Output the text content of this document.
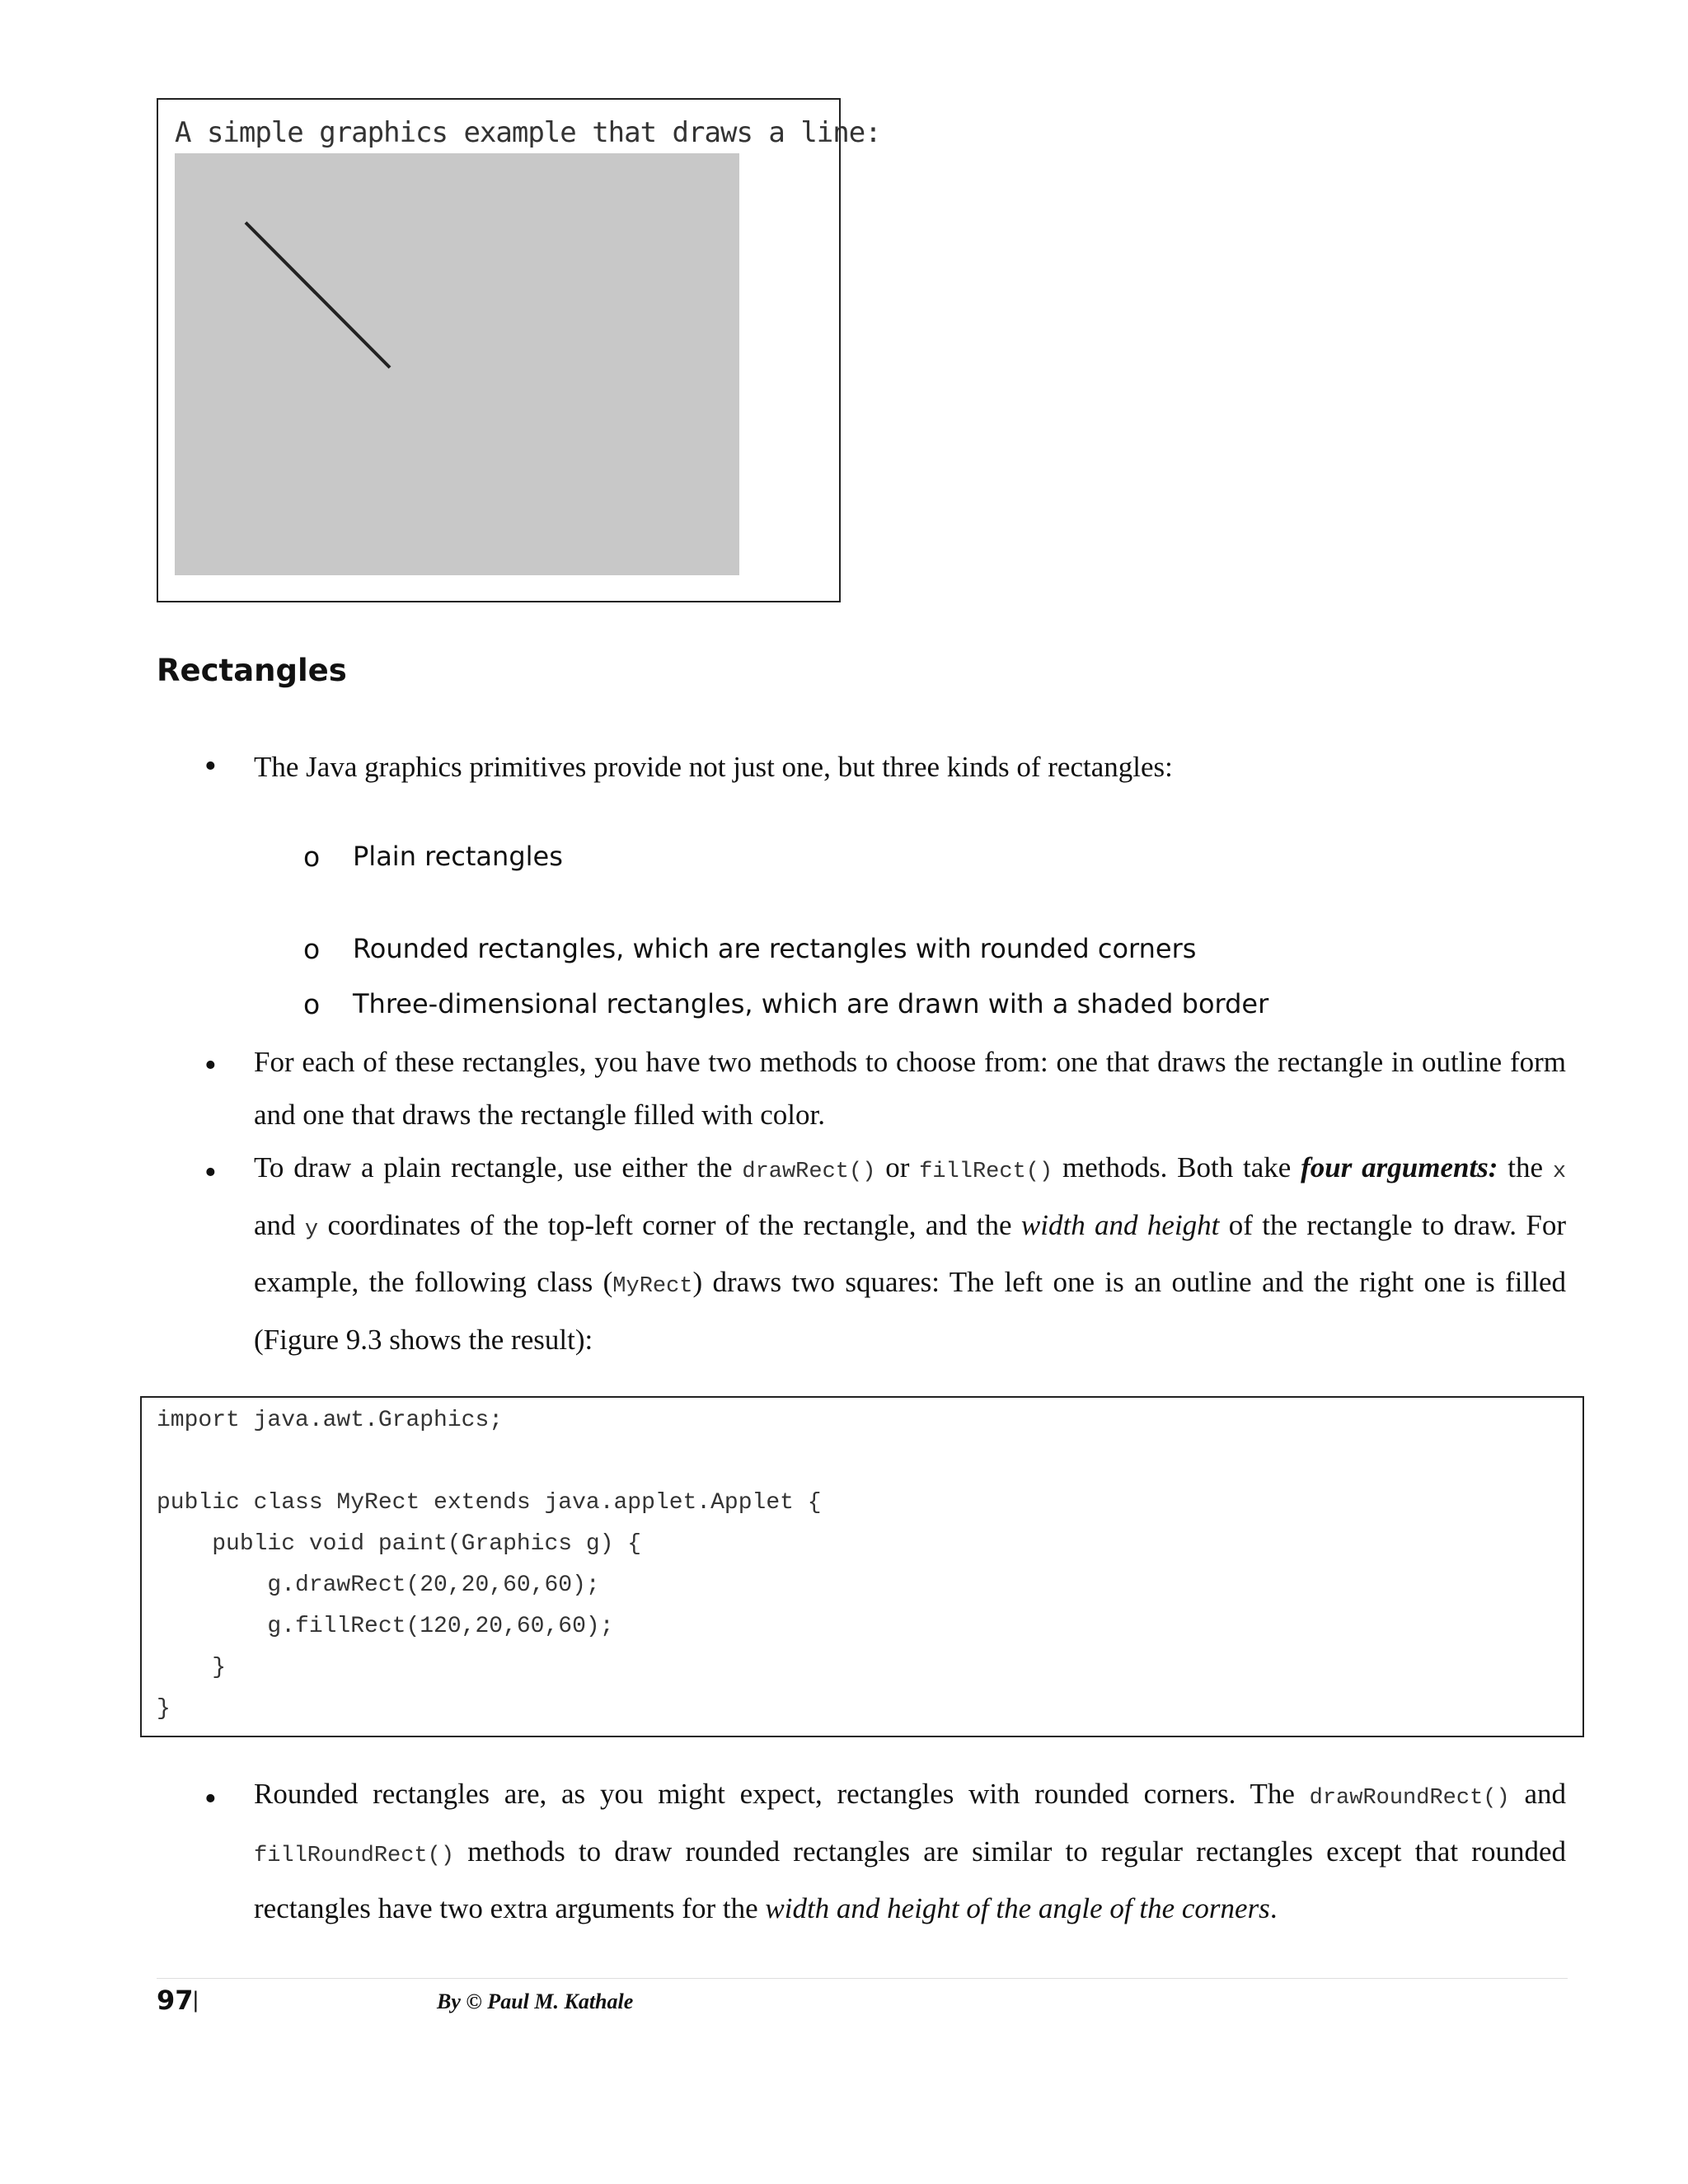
A simple graphics example that draws a line:
Rectangles
• The Java graphics primitives provide not just one, but three kinds of rectangles:
o Plain rectangles
o Rounded rectangles, which are rectangles with rounded corners
o Three-dimensional rectangles, which are drawn with a shaded border
• For each of these rectangles, you have two methods to choose from: one that draws the rectangle in outline form and one that draws the rectangle filled with color.
• To draw a plain rectangle, use either the drawRect() or fillRect() methods. Both take four arguments: the x and y coordinates of the top-left corner of the rectangle, and the width and height of the rectangle to draw. For example, the following class (MyRect) draws two squares: The left one is an outline and the right one is filled (Figure 9.3 shows the result):
import java.awt.Graphics;
public class MyRect extends java.applet.Applet {
public void paint(Graphics g) {
g.drawRect(20,20,60,60);
g.fillRect(120,20,60,60);
}
}
• Rounded rectangles are, as you might expect, rectangles with rounded corners. The drawRoundRect() and fillRoundRect() methods to draw rounded rectangles are similar to regular rectangles except that rounded rectangles have two extra arguments for the width and height of the angle of the corners.
97
|	By © Paul M. Kathale
